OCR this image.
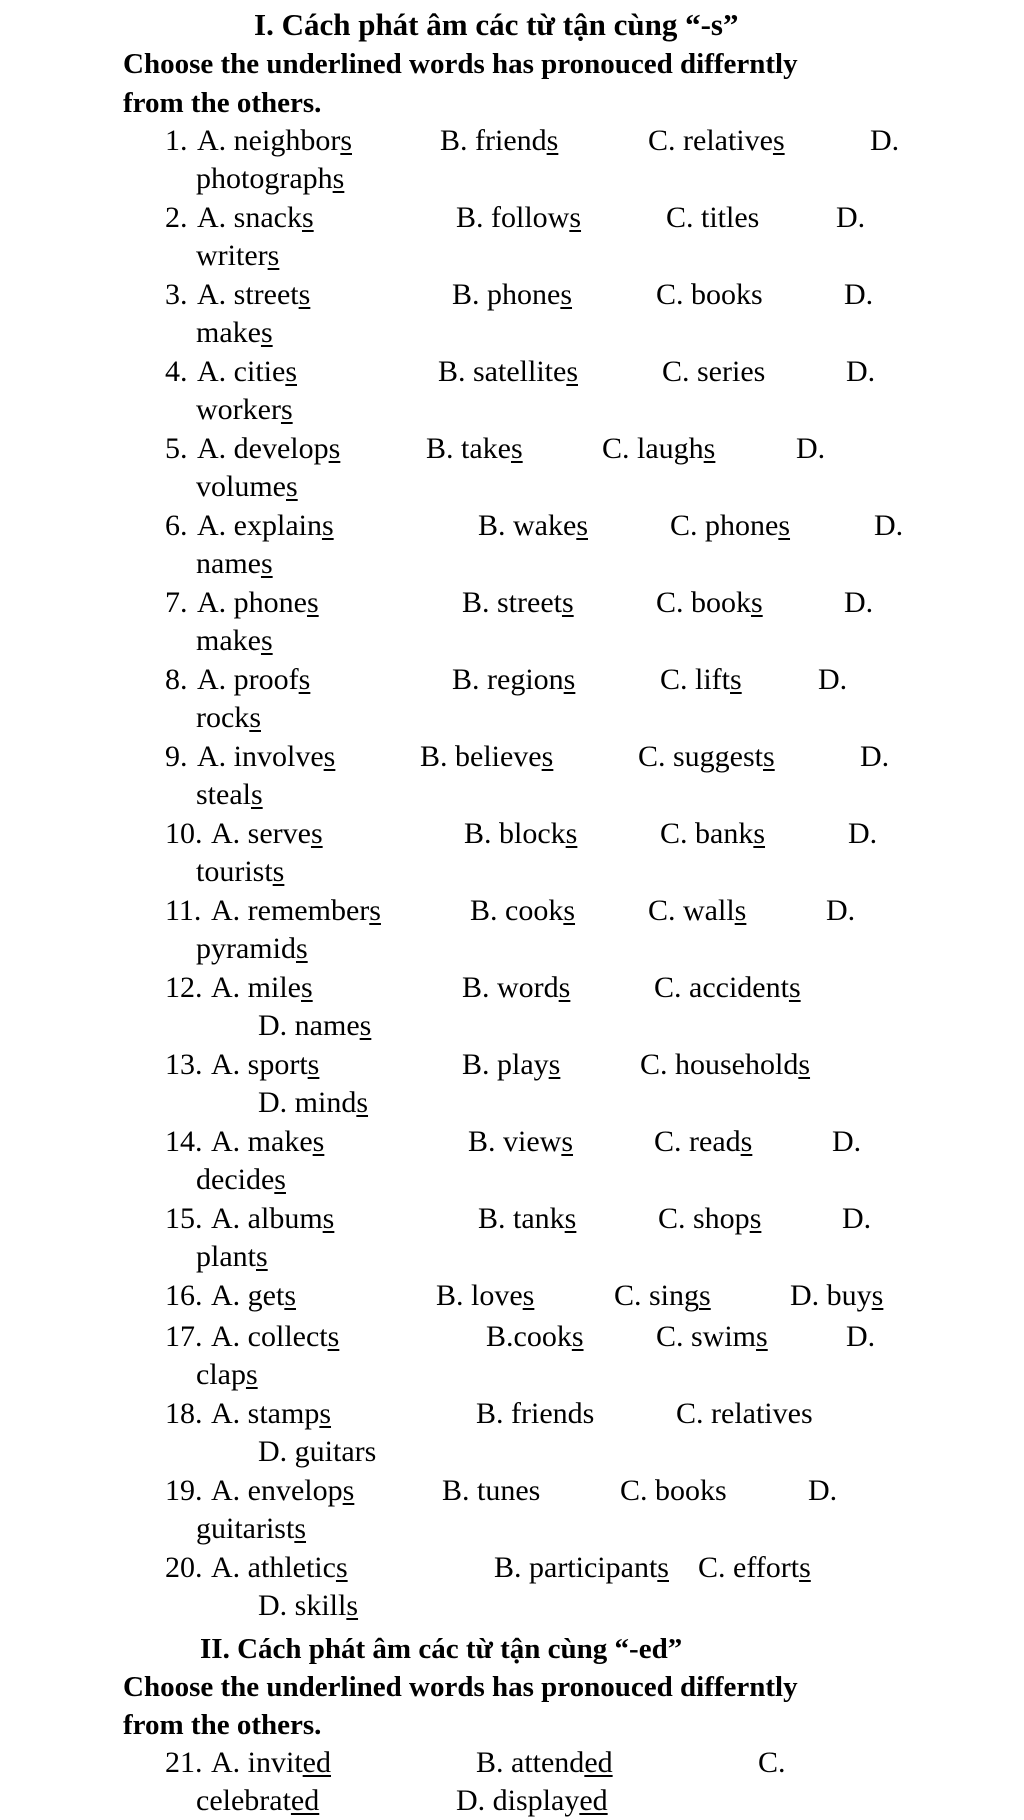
I. Cách phát âm các từ tận cùng “-s”
Choose the underlined words has pronouced differntly
from the others.
1. A. neighbors	B. friends	C. relatives	D.
photographs
2. A. snacks	B. follows	C. titles	D.
writers
3. A. streets	B. phones	C. books	D.
makes
4. A. cities	B. satellites	C. series	D.
workers
5. A. develops	B. takes	C. laughs	D.
volumes
6. A. explains	B. wakes	C. phones	D.
names
7. A. phones	B. streets	C. books	D.
makes
8. A. proofs	B. regions	C. lifts	D.
rocks
9. A. involves	B. believes	C. suggests	D.
steals
10. A. serves	B. blocks	C. banks	D.
tourists
11. A. remembers	B. cooks C. walls	D.
pyramids
12. A. miles	B. words	C. accidents
D. names
13. A. sports	B. plays	C. households
D. minds
14. A. makes	B. views	C. reads	D.
decides
15. A. albums	B. tanks	C. shops	D.
plants
16. A. gets	B. loves	C. sings	D. buys
17. A. collects	B.cooks C. swims	D.
claps
18. A. stamps	B. friends	C. relatives
D. guitars
19. A. envelops	B. tunes	C. books	D.
guitarists
20. A. athletics	B. participants C. efforts
D. skills
II. Cách phát âm các từ tận cùng “-ed”
Choose the underlined words has pronouced differntly
from the others.
21. A. invited	B. attended	C.
celebrated	D. displayed
